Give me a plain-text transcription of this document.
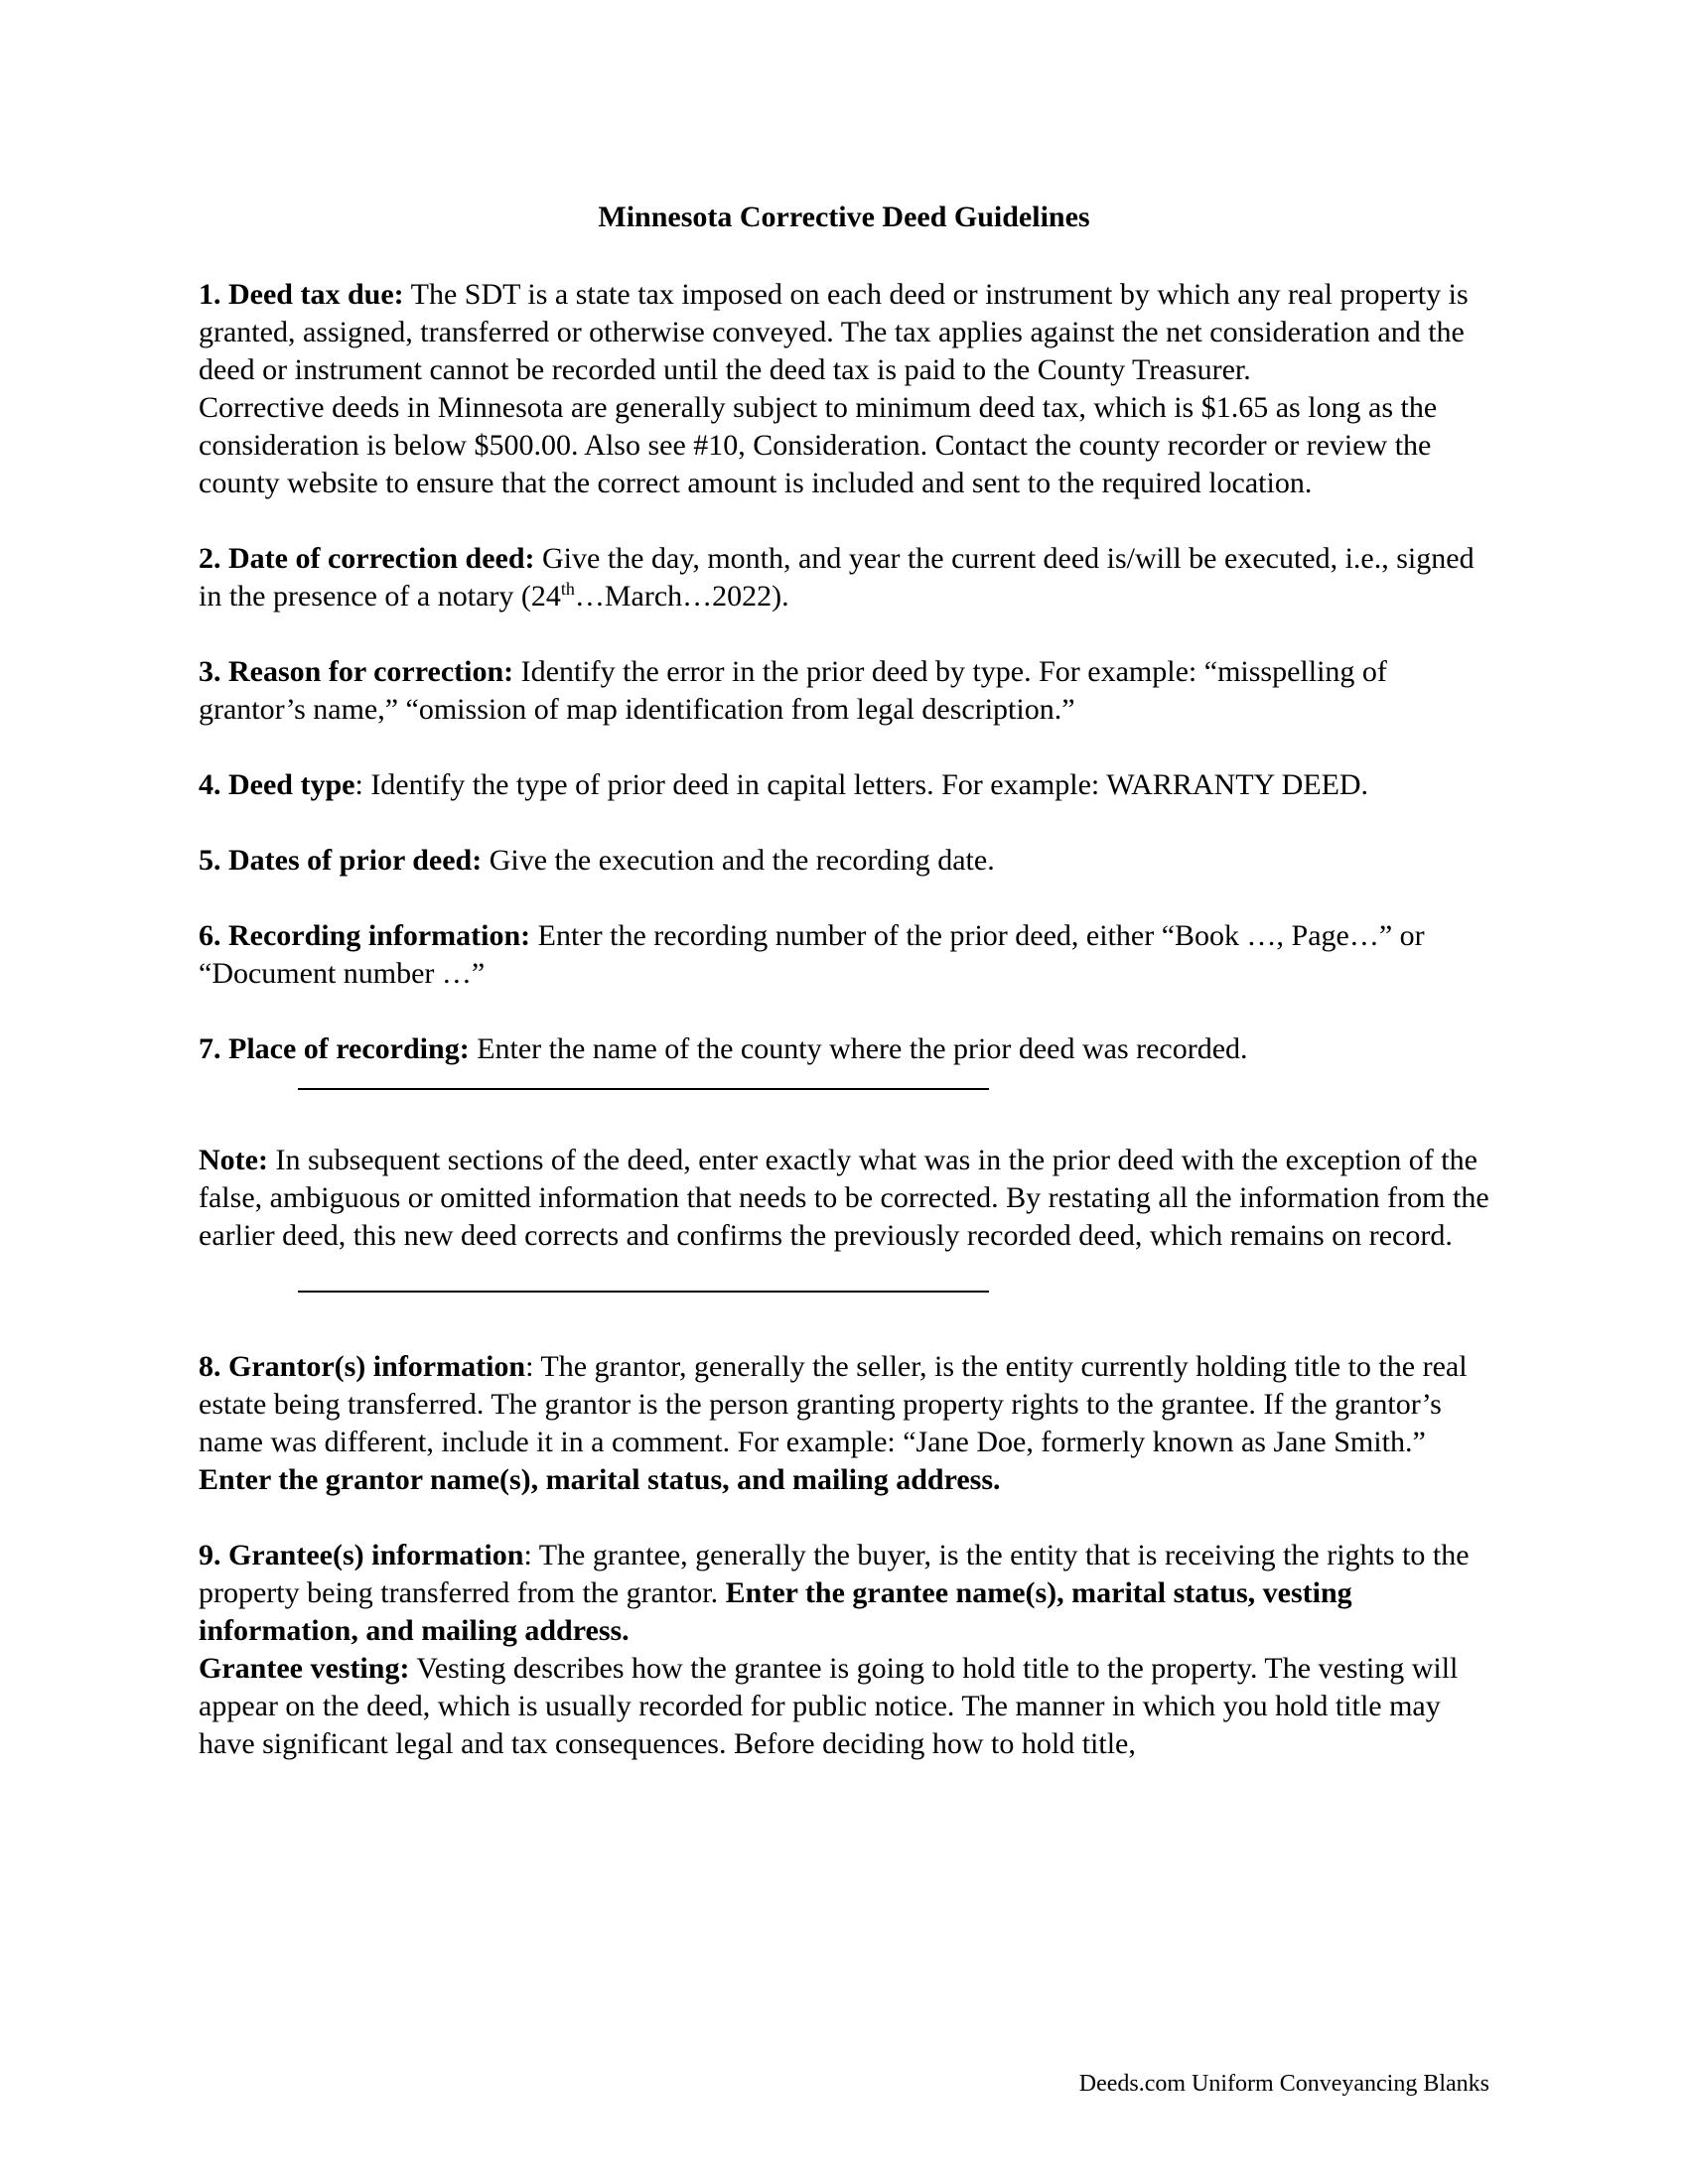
Minnesota Corrective Deed Guidelines

1. Deed tax due: The SDT is a state tax imposed on each deed or instrument by which any real property is granted, assigned, transferred or otherwise conveyed. The tax applies against the net consideration and the deed or instrument cannot be recorded until the deed tax is paid to the County Treasurer.

Corrective deeds in Minnesota are generally subject to minimum deed tax, which is $1.65 as long as the consideration is below $500.00. Also see #10, Consideration. Contact the county recorder or review the county website to ensure that the correct amount is included and sent to the required location.

2. Date of correction deed: Give the day, month, and year the current deed is/will be executed, i.e., signed in the presence of a notary (24th…March…2022).

3. Reason for correction: Identify the error in the prior deed by type. For example: “misspelling of grantor’s name,” “omission of map identification from legal description.”

4. Deed type: Identify the type of prior deed in capital letters. For example: WARRANTY DEED.

5. Dates of prior deed: Give the execution and the recording date.

6. Recording information: Enter the recording number of the prior deed, either “Book …, Page…” or “Document number …”

7. Place of recording: Enter the name of the county where the prior deed was recorded.

Note: In subsequent sections of the deed, enter exactly what was in the prior deed with the exception of the false, ambiguous or omitted information that needs to be corrected. By restating all the information from the earlier deed, this new deed corrects and confirms the previously recorded deed, which remains on record.

8. Grantor(s) information: The grantor, generally the seller, is the entity currently holding title to the real estate being transferred. The grantor is the person granting property rights to the grantee. If the grantor’s name was different, include it in a comment. For example: “Jane Doe, formerly known as Jane Smith.” Enter the grantor name(s), marital status, and mailing address.

9. Grantee(s) information: The grantee, generally the buyer, is the entity that is receiving the rights to the property being transferred from the grantor. Enter the grantee name(s), marital status, vesting information, and mailing address.

Grantee vesting: Vesting describes how the grantee is going to hold title to the property. The vesting will appear on the deed, which is usually recorded for public notice. The manner in which you hold title may have significant legal and tax consequences. Before deciding how to hold title,

Deeds.com Uniform Conveyancing Blanks
